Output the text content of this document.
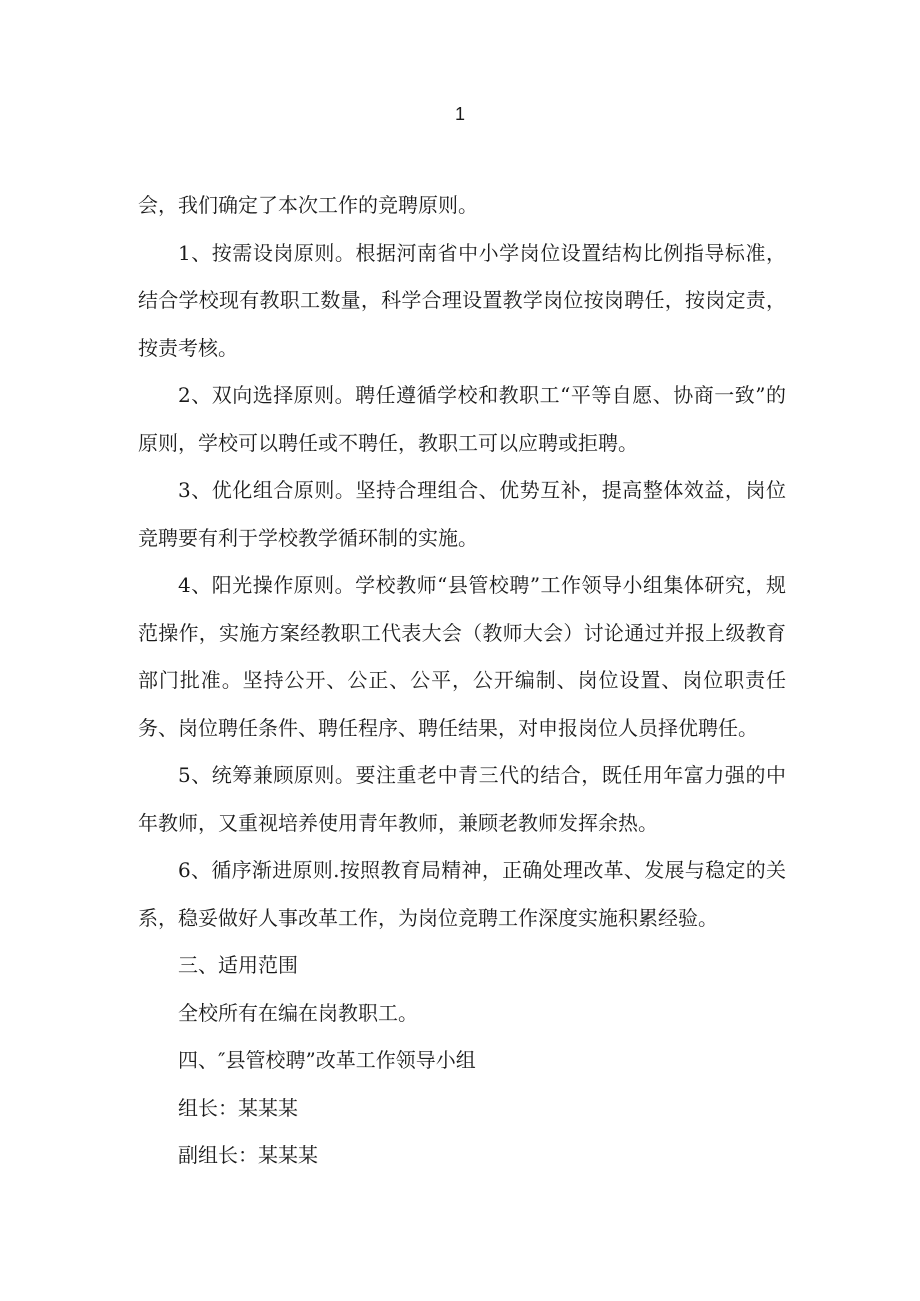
1

会，我们确定了本次工作的竞聘原则。

1、按需设岗原则。根据河南省中小学岗位设置结构比例指导标准，结合学校现有教职工数量，科学合理设置教学岗位按岗聘任，按岗定责，按责考核。

2、双向选择原则。聘任遵循学校和教职工“平等自愿、协商一致”的原则，学校可以聘任或不聘任，教职工可以应聘或拒聘。

3、优化组合原则。坚持合理组合、优势互补，提高整体效益，岗位竞聘要有利于学校教学循环制的实施。

4、阳光操作原则。学校教师“县管校聘”工作领导小组集体研究，规范操作，实施方案经教职工代表大会（教师大会）讨论通过并报上级教育部门批准。坚持公开、公正、公平，公开编制、岗位设置、岗位职责任务、岗位聘任条件、聘任程序、聘任结果，对申报岗位人员择优聘任。

5、统筹兼顾原则。要注重老中青三代的结合，既任用年富力强的中年教师，又重视培养使用青年教师，兼顾老教师发挥余热。

6、循序渐进原则.按照教育局精神，正确处理改革、发展与稳定的关系，稳妥做好人事改革工作，为岗位竞聘工作深度实施积累经验。

三、适用范围

全校所有在编在岗教职工。

四、″县管校聘”改革工作领导小组

组长：某某某

副组长：某某某
